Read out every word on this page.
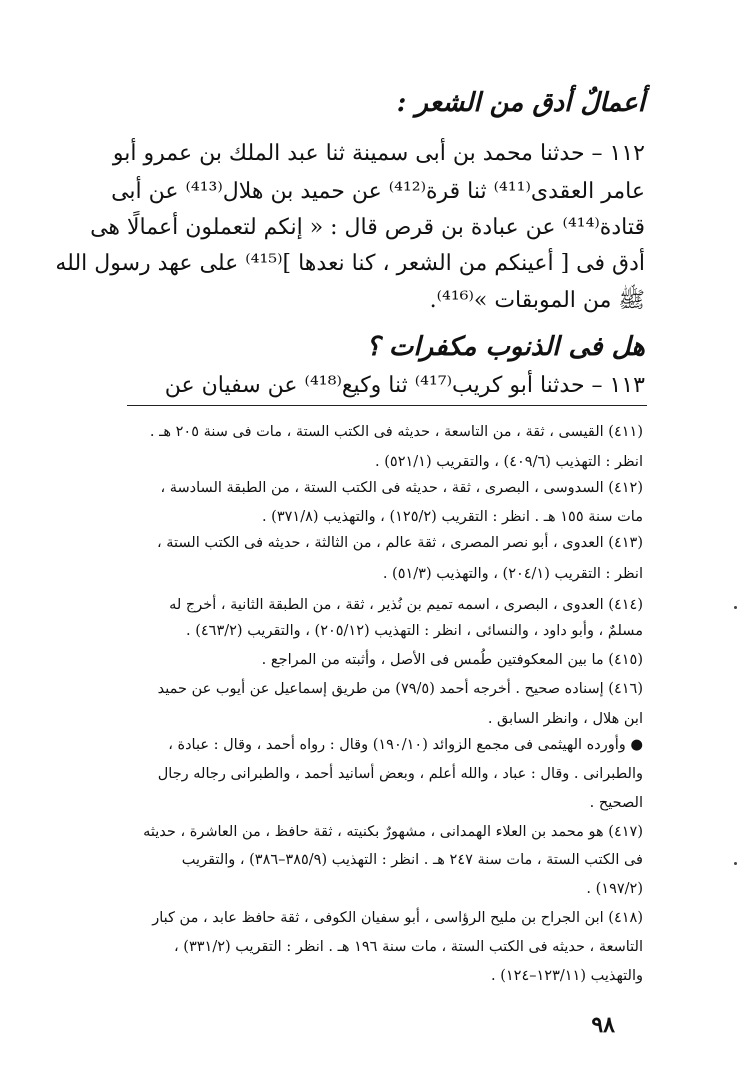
أعمالٌ أدق من الشعر :
١١٢ – حدثنا محمد بن أبى سمينة ثنا عبد الملك بن عمرو أبو
عامر العقدى⁽⁴¹¹⁾ ثنا قرة⁽⁴¹²⁾ عن حميد بن هلال⁽⁴¹³⁾ عن أبى
قتادة⁽⁴¹⁴⁾ عن عبادة بن قرص قال : « إنكم لتعملون أعمالًا هى
أدق فى [ أعينكم من الشعر ، كنا نعدها ]⁽⁴¹⁵⁾ على عهد رسول الله
ﷺ من الموبقات »⁽⁴¹⁶⁾.
هل فى الذنوب مكفرات ؟
١١٣ – حدثنا أبو كريب⁽⁴¹⁷⁾ ثنا وكيع⁽⁴¹⁸⁾ عن سفيان عن
(٤١١) القيسى ، ثقة ، من التاسعة ، حديثه فى الكتب الستة ، مات فى سنة ٢٠٥ هـ .
انظر : التهذيب (٤٠٩/٦) ، والتقريب (٥٢١/١) .
(٤١٢) السدوسى ، البصرى ، ثقة ، حديثه فى الكتب الستة ، من الطبقة السادسة ،
مات سنة ١٥٥ هـ . انظر : التقريب (١٢٥/٢) ، والتهذيب (٣٧١/٨) .
(٤١٣) العدوى ، أبو نصر المصرى ، ثقة عالم ، من الثالثة ، حديثه فى الكتب الستة ،
انظر : التقريب (٢٠٤/١) ، والتهذيب (٥١/٣) .
(٤١٤) العدوى ، البصرى ، اسمه تميم بن نُذير ، ثقة ، من الطبقة الثانية ، أخرج له
مسلمٌ ، وأبو داود ، والنسائى ، انظر : التهذيب (٢٠٥/١٢) ، والتقريب (٤٦٣/٢) .
(٤١٥) ما بين المعكوفتين طُمس فى الأصل ، وأثبته من المراجع .
(٤١٦) إسناده صحيح . أخرجه أحمد (٧٩/٥) من طريق إسماعيل عن أيوب عن حميد
ابن هلال ، وانظر السابق .
● وأورده الهيثمى فى مجمع الزوائد (١٩٠/١٠) وقال : رواه أحمد ، وقال : عبادة ،
والطبرانى . وقال : عباد ، والله أعلم ، وبعض أسانيد أحمد ، والطبرانى رجاله رجال
الصحيح .
(٤١٧) هو محمد بن العلاء الهمدانى ، مشهورٌ بكنيته ، ثقة حافظ ، من العاشرة ، حديثه
فى الكتب الستة ، مات سنة ٢٤٧ هـ . انظر : التهذيب (٣٨٥/٩–٣٨٦) ، والتقريب
(١٩٧/٢) .
(٤١٨) ابن الجراح بن مليح الرؤاسى ، أبو سفيان الكوفى ، ثقة حافظ عابد ، من كبار
التاسعة ، حديثه فى الكتب الستة ، مات سنة ١٩٦ هـ . انظر : التقريب (٣٣١/٢) ،
والتهذيب (١٢٣/١١–١٢٤) .
٩٨
